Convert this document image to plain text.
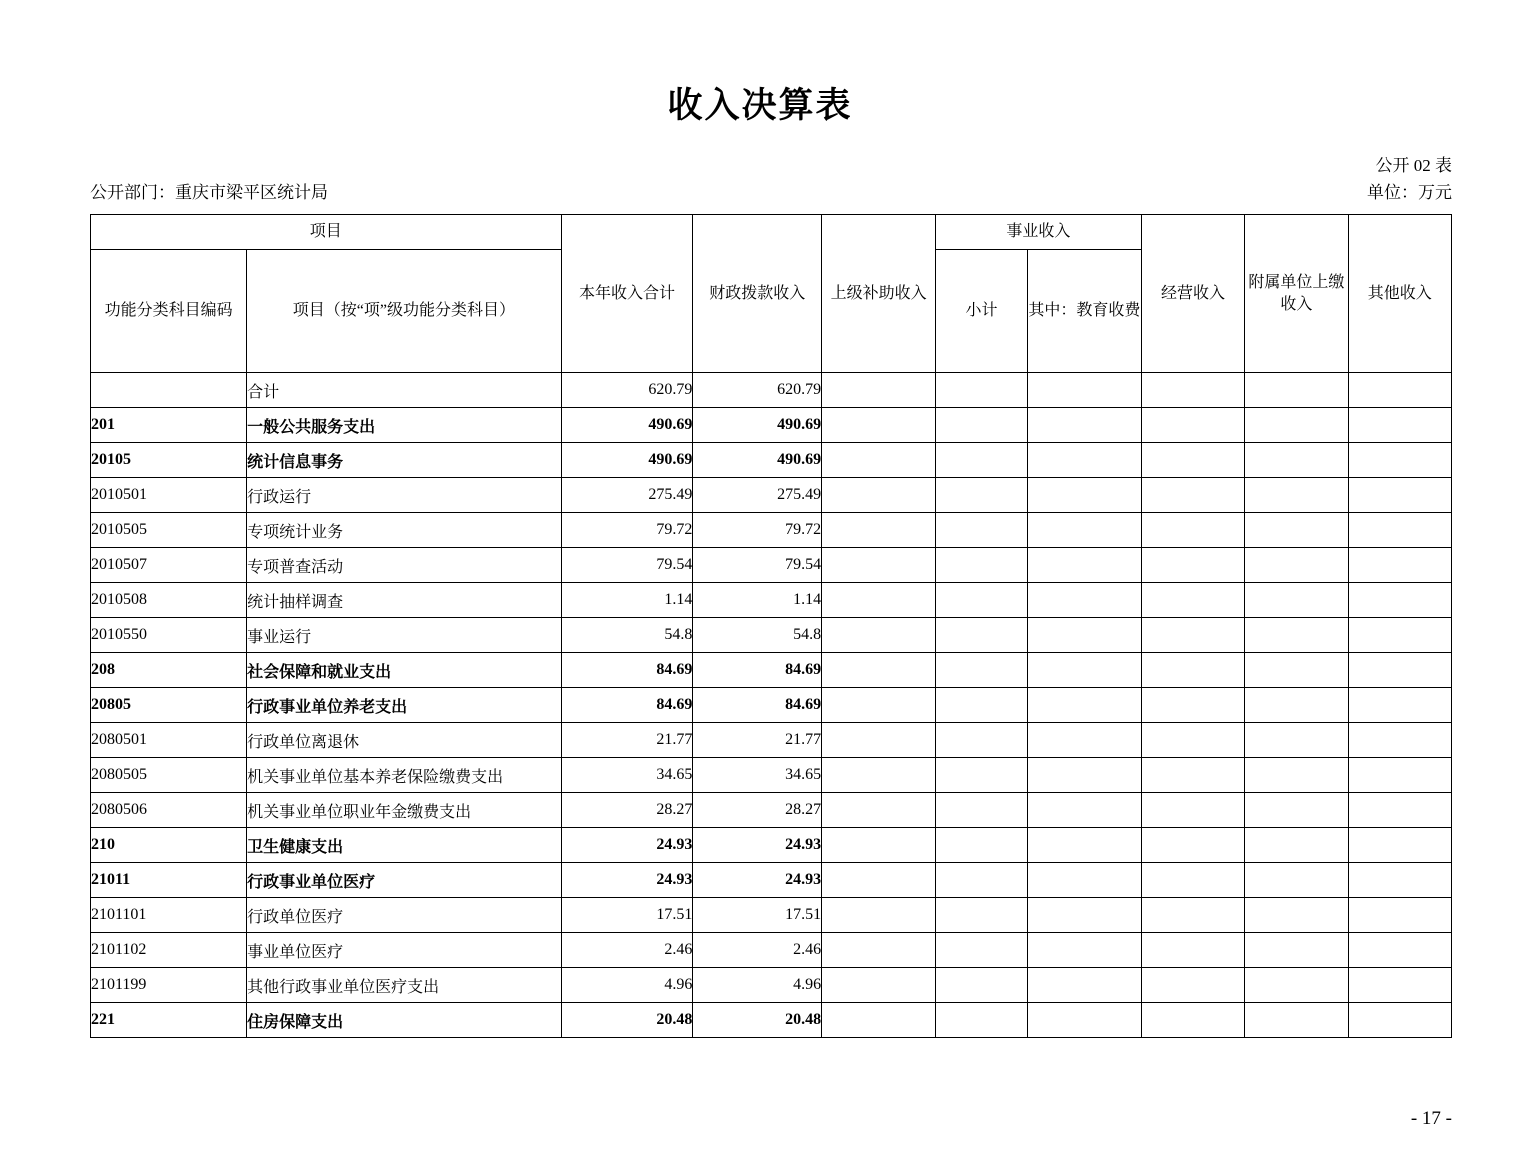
收入决算表
公开部门：重庆市梁平区统计局
公开 02 表
单位：万元
项目		本年收入合计	财政拨款收入	上级补助收入	事业收入		经营收入	附属单位上缴收入	其他收入
功能分类科目编码	项目（按“项”级功能分类科目）				小计	其中：教育收费			
	合计	620.79	620.79						
201	一般公共服务支出	490.69	490.69						
20105	统计信息事务	490.69	490.69						
2010501	行政运行	275.49	275.49						
2010505	专项统计业务	79.72	79.72						
2010507	专项普查活动	79.54	79.54						
2010508	统计抽样调查	1.14	1.14						
2010550	事业运行	54.8	54.8						
208	社会保障和就业支出	84.69	84.69						
20805	行政事业单位养老支出	84.69	84.69						
2080501	行政单位离退休	21.77	21.77						
2080505	机关事业单位基本养老保险缴费支出	34.65	34.65						
2080506	机关事业单位职业年金缴费支出	28.27	28.27						
210	卫生健康支出	24.93	24.93						
21011	行政事业单位医疗	24.93	24.93						
2101101	行政单位医疗	17.51	17.51						
2101102	事业单位医疗	2.46	2.46						
2101199	其他行政事业单位医疗支出	4.96	4.96						
221	住房保障支出	20.48	20.48						
- 17 -
